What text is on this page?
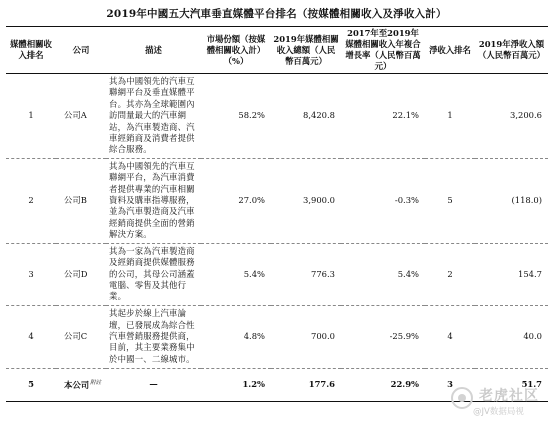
2019年中國五大汽車垂直媒體平台排名（按媒體相關收入及淨收入計）
媒體相關收入排名	公司	描述	市場份額（按媒體相關收入計）（%）	2019年媒體相關收入總額（人民幣百萬元）	2017年至2019年媒體相關收入年複合增長率（人民幣百萬元）	淨收入排名	2019年淨收入額（人民幣百萬元）
1	公司A	其為中國領先的汽車互聯網平台及垂直媒體平台。其亦為全球範圍內訪問量最大的汽車網站，為汽車製造商、汽車經銷商及消費者提供綜合服務。	58.2%	8,420.8	22.1%	1	3,200.6
2	公司B	其為中國領先的汽車互聯網平台，為汽車消費者提供專業的汽車相關資料及購車指導服務，並為汽車製造商及汽車經銷商提供全面的營銷解決方案。	27.0%	3,900.0	-0.3%	5	(118.0)
3	公司D	其為一家為汽車製造商及經銷商提供媒體服務的公司，其母公司涵蓋電腦、零售及其他行業。	5.4%	776.3	5.4%	2	154.7
4	公司C	其起步於線上汽車論壇，已發展成為綜合性汽車營銷服務提供商，目前，其主要業務集中於中國一、二線城市。	4.8%	700.0	-25.9%	4	40.0
5	本公司$^{附註}$	—	1.2%	177.6	22.9%	3	51.7
老虎社区
@JV数据局视
